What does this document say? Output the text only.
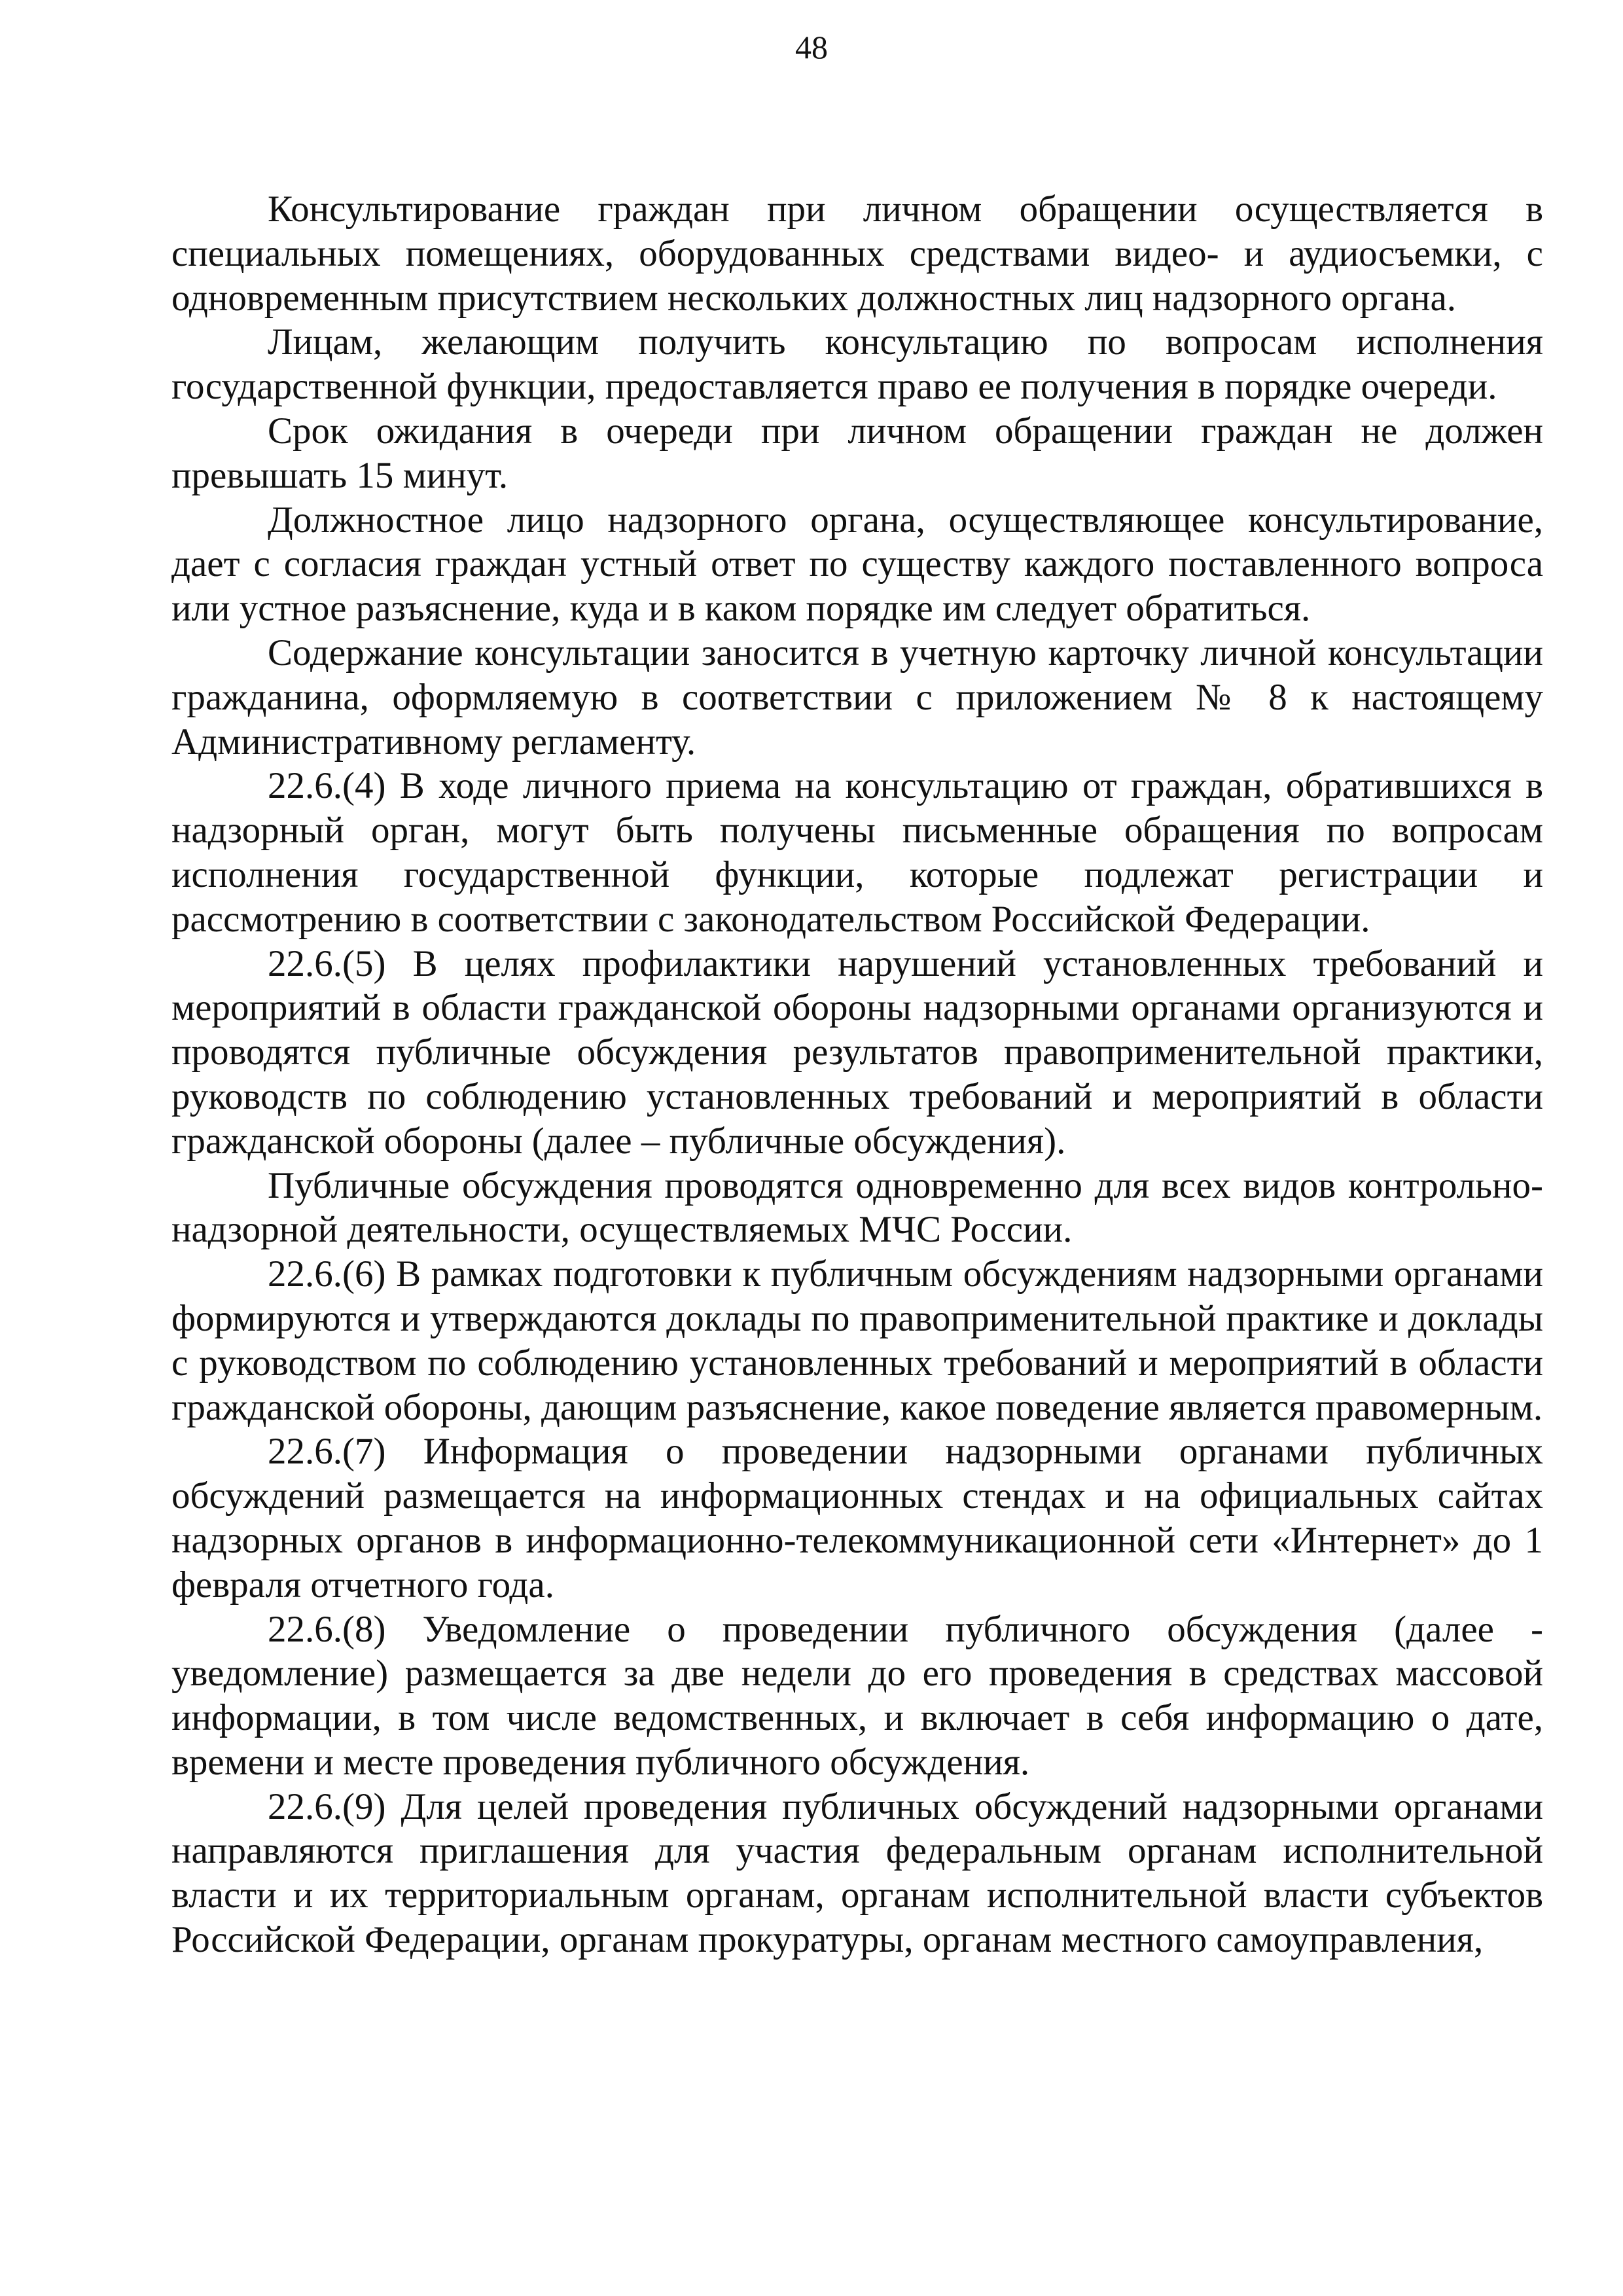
48

Консультирование граждан при личном обращении осуществляется в специальных помещениях, оборудованных средствами видео- и аудиосъемки, с одновременным присутствием нескольких должностных лиц надзорного органа.

Лицам, желающим получить консультацию по вопросам исполнения государственной функции, предоставляется право ее получения в порядке очереди.

Срок ожидания в очереди при личном обращении граждан не должен превышать 15 минут.

Должностное лицо надзорного органа, осуществляющее консультирование, дает с согласия граждан устный ответ по существу каждого поставленного вопроса или устное разъяснение, куда и в каком порядке им следует обратиться.

Содержание консультации заносится в учетную карточку личной консультации гражданина, оформляемую в соответствии с приложением № 8 к настоящему Административному регламенту.

22.6.(4) В ходе личного приема на консультацию от граждан, обратившихся в надзорный орган, могут быть получены письменные обращения по вопросам исполнения государственной функции, которые подлежат регистрации и рассмотрению в соответствии с законодательством Российской Федерации.

22.6.(5) В целях профилактики нарушений установленных требований и мероприятий в области гражданской обороны надзорными органами организуются и проводятся публичные обсуждения результатов правоприменительной практики, руководств по соблюдению установленных требований и мероприятий в области гражданской обороны (далее – публичные обсуждения).

Публичные обсуждения проводятся одновременно для всех видов контрольно-надзорной деятельности, осуществляемых МЧС России.

22.6.(6) В рамках подготовки к публичным обсуждениям надзорными органами формируются и утверждаются доклады по правоприменительной практике и доклады с руководством по соблюдению установленных требований и мероприятий в области гражданской обороны, дающим разъяснение, какое поведение является правомерным.

22.6.(7) Информация о проведении надзорными органами публичных обсуждений размещается на информационных стендах и на официальных сайтах надзорных органов в информационно-телекоммуникационной сети «Интернет» до 1 февраля отчетного года.

22.6.(8) Уведомление о проведении публичного обсуждения (далее - уведомление) размещается за две недели до его проведения в средствах массовой информации, в том числе ведомственных, и включает в себя информацию о дате, времени и месте проведения публичного обсуждения.

22.6.(9) Для целей проведения публичных обсуждений надзорными органами направляются приглашения для участия федеральным органам исполнительной власти и их территориальным органам, органам исполнительной власти субъектов Российской Федерации, органам прокуратуры, органам местного самоуправления,
